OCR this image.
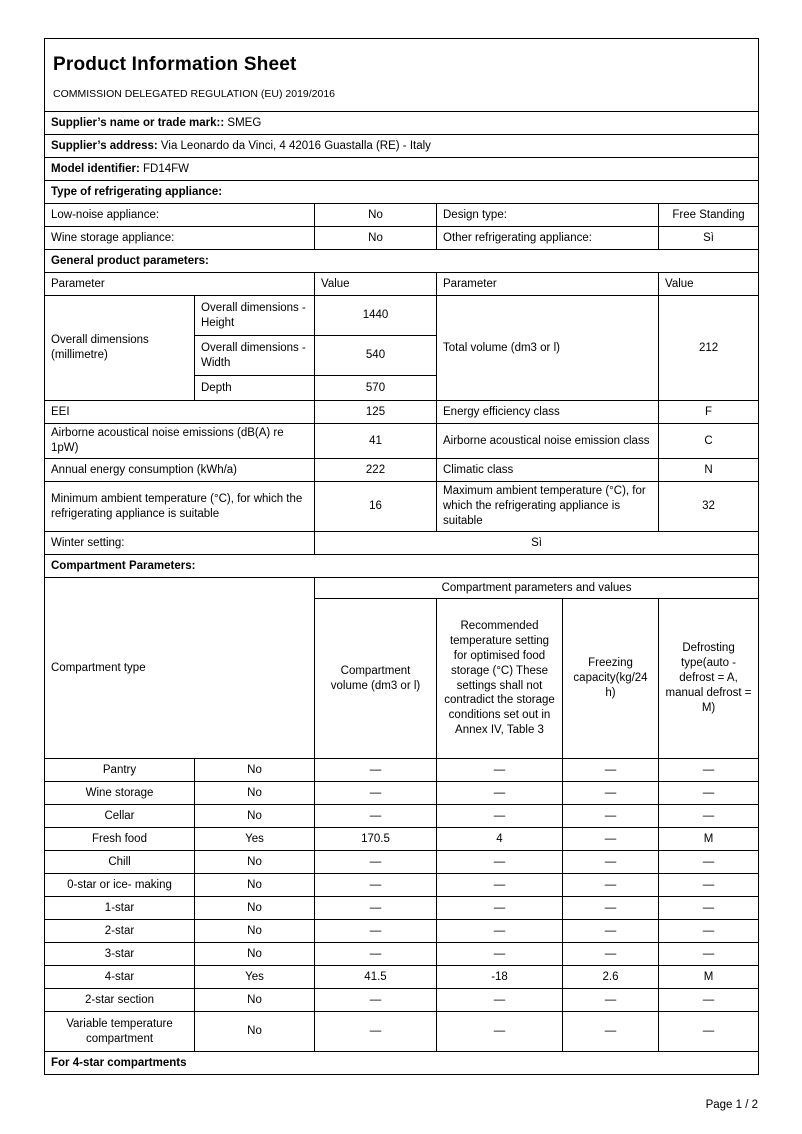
Product Information Sheet
COMMISSION DELEGATED REGULATION (EU) 2019/2016					

Supplier’s name or trade mark:: SMEG					
Supplier’s address: Via Leonardo da Vinci, 4 42016 Guastalla (RE) - Italy					
Model identifier: FD14FW					
Type of refrigerating appliance:					
Low-noise appliance:		No	Design type:		Free Standing
Wine storage appliance:		No	Other refrigerating appliance:		Sì
General product parameters:					
Parameter		Value	Parameter		Value
Overall dimensions (millimetre)	Overall dimensions - Height	1440	Total volume (dm3 or l)		212
	Overall dimensions - Width	540			
	Depth	570			
EEI		125	Energy efficiency class		F
Airborne acoustical noise emissions (dB(A) re 1pW)		41	Airborne acoustical noise emission class		C
Annual energy consumption (kWh/a)		222	Climatic class		N
Minimum ambient temperature (°C), for which the refrigerating appliance is suitable		16	Maximum ambient temperature (°C), for which the refrigerating appliance is suitable		32
Winter setting:		Sì			
Compartment Parameters:					
Compartment type		Compartment parameters and values			
		Compartment volume (dm3 or l)	Recommended temperature setting for optimised food storage (°C) These settings shall not contradict the storage conditions set out in Annex IV, Table 3	Freezing capacity(kg/24 h)	Defrosting type(auto - defrost = A, manual defrost = M)
Pantry	No	—	—	—	—
Wine storage	No	—	—	—	—
Cellar	No	—	—	—	—
Fresh food	Yes	170.5	4	—	M
Chill	No	—	—	—	—
0-star or ice- making	No	—	—	—	—
1-star	No	—	—	—	—
2-star	No	—	—	—	—
3-star	No	—	—	—	—
4-star	Yes	41.5	-18	2.6	M
2-star section	No	—	—	—	—
Variable temperature compartment	No	—	—	—	—
For 4-star compartments					
Page 1 / 2
